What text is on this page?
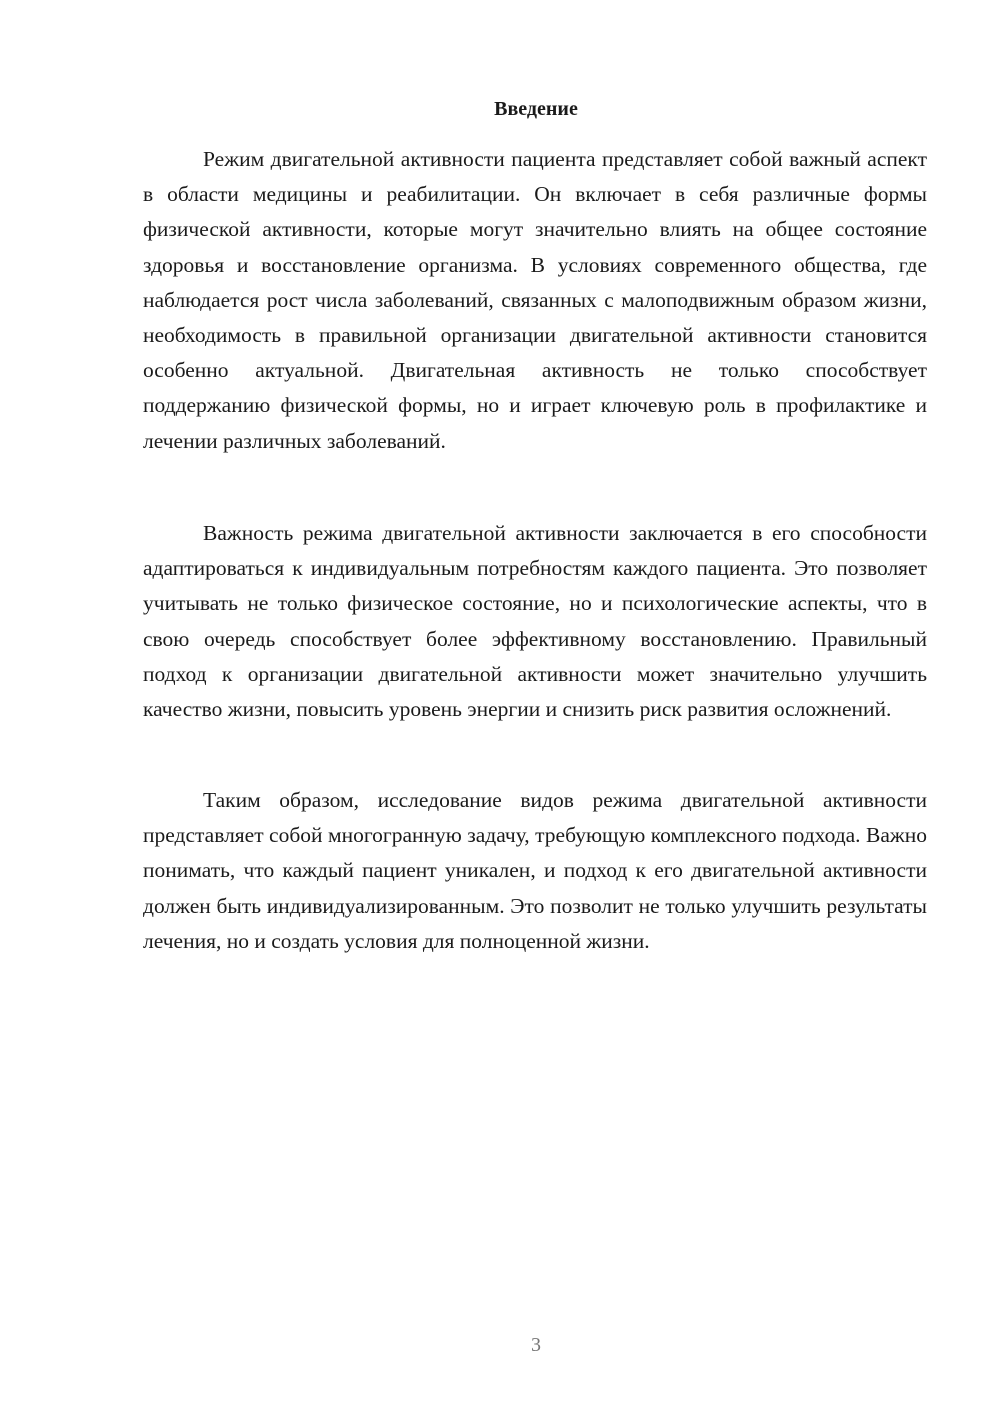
Введение

Режим двигательной активности пациента представляет собой важный аспект в области медицины и реабилитации. Он включает в себя различные формы физической активности, которые могут значительно влиять на общее состояние здоровья и восстановление организма. В условиях современного общества, где наблюдается рост числа заболеваний, связанных с малоподвижным образом жизни, необходимость в правильной организации двигательной активности становится особенно актуальной. Двигательная активность не только способствует поддержанию физической формы, но и играет ключевую роль в профилактике и лечении различных заболеваний.

Важность режима двигательной активности заключается в его способности адаптироваться к индивидуальным потребностям каждого пациента. Это позволяет учитывать не только физическое состояние, но и психологические аспекты, что в свою очередь способствует более эффективному восстановлению. Правильный подход к организации двигательной активности может значительно улучшить качество жизни, повысить уровень энергии и снизить риск развития осложнений.

Таким образом, исследование видов режима двигательной активности представляет собой многогранную задачу, требующую комплексного подхода. Важно понимать, что каждый пациент уникален, и подход к его двигательной активности должен быть индивидуализированным. Это позволит не только улучшить результаты лечения, но и создать условия для полноценной жизни.

3
